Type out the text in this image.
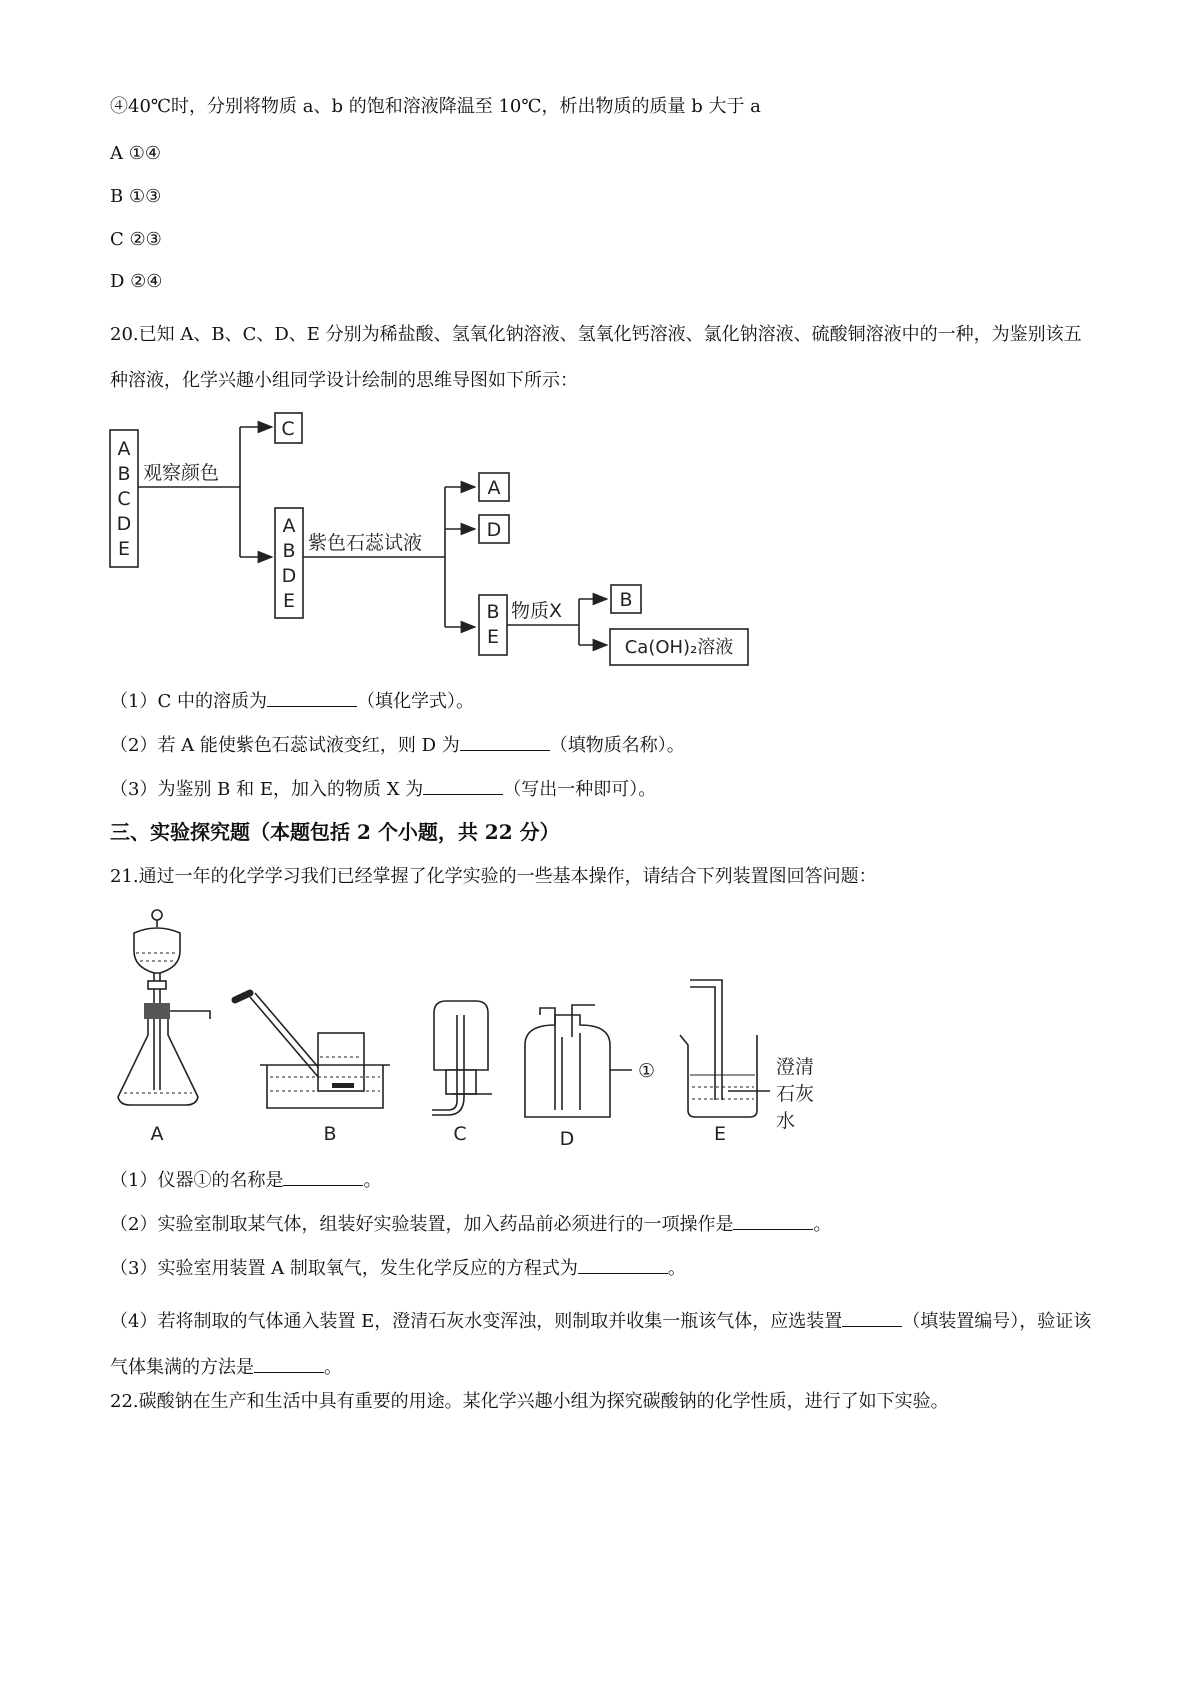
④40℃时，分别将物质 a、b 的饱和溶液降温至 10℃，析出物质的质量 b 大于 a
A ①④
B ①③
C ②③
D ②④
20.已知 A、B、C、D、E 分别为稀盐酸、氢氧化钠溶液、氢氧化钙溶液、氯化钠溶液、硫酸铜溶液中的一种，为鉴别该五种溶液，化学兴趣小组同学设计绘制的思维导图如下所示：
A
B
C
D
E
观察颜色
C
A
B
D
E
紫色石蕊试液
A
D
B
E
物质X	B
Ca(OH)₂溶液
（1）C 中的溶质为	（填化学式）。
（2）若 A 能使紫色石蕊试液变红，则 D 为	（填物质名称）。
（3）为鉴别 B 和 E，加入的物质 X 为	（写出一种即可）。
三、实验探究题（本题包括 2 个小题，共 22 分）
21.通过一年的化学学习我们已经掌握了化学实验的一些基本操作，请结合下列装置图回答问题：
A	B	C
①
D
澄清
石灰
水
E
（1）仪器①的名称是	。
（2）实验室制取某气体，组装好实验装置，加入药品前必须进行的一项操作是	。
（3）实验室用装置 A 制取氧气，发生化学反应的方程式为	。
（4）若将制取的气体通入装置 E，澄清石灰水变浑浊，则制取并收集一瓶该气体，应选装置	（填装置编号），验证该气体集满的方法是	。
22.碳酸钠在生产和生活中具有重要的用途。某化学兴趣小组为探究碳酸钠的化学性质，进行了如下实验。
